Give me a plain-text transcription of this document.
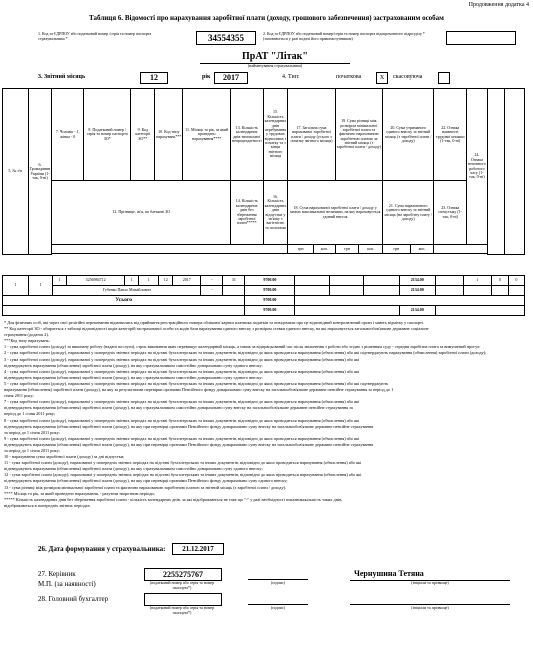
Продовження додатка 4
Таблиця 6. Відомості про нарахування заробітної плати (доходу, грошового забезпечення) застрахованим особам
1. Код за ЄДРПОУ або податковий номер /серія та номер паспорта страхувальника *	34554355	2. Код за ЄДРПОУ або податковий номер/серія та номер паспорта відокремленого підрозділу *(заповнюється у разі подачі його правонаступником)
ПрАТ "Літак"
(найменування страхувальника)
3. Звітний місяць	12	рік	2017	4. Тип:	початкова	X	скасовуюча
5. № з/п	6. Громадянин України (1-так, 0-ні)	7. Чоловік - 1, жінка - 0	8. Податковий номер /серія та номер паспорта ЗО*	9. Код категорії ЗО**	10. Код типу нарахувань***	11. Місяць та рік, за який проведено нарахування****	13. Кількість календарних днів тимчасової непрацездатності	15. Кількість календарних днів перебування у трудових відносинах з початку та з кінця звітного місяця	17. Загальна сума нарахованої заробітної плати / доходу (усього з початку звітного місяця)		19. Сума різниці між розміром мінімальної заробітної плати та фактично нарахованою заробітною платою за звітний місяць (з заробітної плати / доходу)		20. Сума утриманого єдиного внеску за звітний місяць (з заробітної плати / доходу)		22. Ознака наявності трудової книжки (1-так, 0-ні)	24. Ознака неповного робочого часу (1-так, 0-ні)		
		12. Прізвище, ім'я, по батькові ЗО					14. Кількість календарних днів без збереження заробітної плати*****	16. Кількість календарних днів відпустки у зв'язку з вагітністю та пологами	18. Сума нарахованої заробітної плати / доходу у межах максимальної величини, на яку нараховується єдиний внесок				21. Сума нарахованого єдиного внеску за звітний місяць (на заробітну плату / доходу)		23. Ознака спецстажу (1-так, 0-ні)			
									грн	коп.	грн	коп.	грн	коп.				

1	1	1	3256984712	1	1	12	2017	-	31	9700.00				2134.00		1	0	0
		Губенко Павло Михайлович						-		9700.00				2134.00				
Усього										9700.00								
										9700.00				2134.00				
* Для фізичних осіб, які через свої релігійні переконання відмовились від прийняття реєстраційного номера облікової картки платника податків та повідомили про це відповідний контролюючий орган і мають відмітку у паспорті.
** Код категорії ЗО - обирається з таблиці відповідності кодів категорій застрахованої особи та кодів бази нарахування єдиного внеску з розміром ставки єдиного внеску, на які нараховується загальнообов'язкове державне соціальне
страхування (додаток 2).
***Код типу нарахувань:
1 - сума заробітної плати (доходу) за виконану роботу (надані послуги), строк виконання яких перевищує календарний місяць, а також за відпрацьований час після звільнення з роботи або згідно з рішенням суду - середня заробітна плата за вимушений прогул;
2 - сума заробітної плати (доходу), нарахованої у попередніх звітних періодах на підставі бухгалтерських та інших документів, відповідно до яких проводиться нарахування (обчислення) або які підтверджують нарахування (обчислення) заробітної плати (доходу);
3 - сума заробітної плати (доходу), нарахованої у попередніх звітних періодах на підставі бухгалтерських та інших документів, відповідно до яких проводиться нарахування (обчислення) або які
підтверджують нарахування (обчислення) заробітної плати (доходу), на яку страхувальником самостійно донараховано суму єдиного внеску;
4 - сума заробітної плати (доходу), нарахованої у попередніх звітних періодах на підставі бухгалтерських та інших документів, відповідно до яких проводиться нарахування (обчислення) або які
підтверджують нарахування (обчислення) заробітної плати (доходу), на яку страхувальником самостійно донараховано суму єдиного внеску;
5 - сума заробітної плати (доходу), нарахованої у попередніх звітних періодах на підставі бухгалтерських та інших документів, відповідно до яких проводиться нарахування (обчислення) або які підтверджують
нарахування (обчислення) заробітної плати (доходу), на яку за результатами перевірки органами Пенсійного фонду донараховано суму внеску на загальнообов'язкове державне пенсійне страхування за період до 1
січня 2011 року;
7 - сума заробітної плати (доходу), нарахованої у попередніх звітних періодах на підставі бухгалтерських та інших документів, відповідно до яких проводиться нарахування (обчислення) або які
підтверджують нарахування (обчислення) заробітної плати (доходу), на яку страхувальником самостійно донараховано суму внеску на загальнообов'язкове державне пенсійне страхування за
період до 1 січня 2011 року;
8 - сума заробітної плати (доходу), нарахованої у попередніх звітних періодах на підставі бухгалтерських та інших документів, відповідно до яких проводиться нарахування (обчислення) або які
підтверджують нарахування (обчислення) заробітної плати (доходу), на яку при перевірці органами Пенсійного фонду донараховано суму внеску на загальнообов'язкове державне пенсійне страхування
за період до 1 січня 2011 року;
9 - сума заробітної плати (доходу), нарахованої у попередніх звітних періодах на підставі бухгалтерських та інших документів, відповідно до яких проводиться нарахування (обчислення) або які
підтверджують нарахування (обчислення) заробітної плати (доходу), на яку при перевірці органами Пенсійного фонду донараховано суму внеску на загальнообов'язкове державне пенсійне страхування
за період до 1 січня 2011 року;
10 - нарахування суми заробітної плати (доходу) за дні відпустки;
11 - сума заробітної плати (доходу), нарахованої у попередніх звітних періодах на підставі бухгалтерських та інших документів, відповідно до яких проводиться нарахування (обчислення) або які
підтверджують нарахування (обчислення) заробітної плати (доходу), на яку страхувальником самостійно донараховано суму єдиного внеску;
12 - сума заробітної плати (доходу), нарахованої у попередніх звітних періодах на підставі бухгалтерських та інших документів, відповідно до яких проводиться нарахування (обчислення) або які
підтверджують нарахування (обчислення) заробітної плати (доходу), на яку при перевірці органами Пенсійного фонду донараховано суму єдиного внеску;
13 - сума різниці між розміром мінімальної заробітної плати та фактично нарахованою заробітною платою за звітний місяць (з заробітної плати / доходу).
**** Місяць та рік, за який проведено нарахування, - рахуючи зворотним періоди;
***** Кількість календарних днів без збереження заробітної плати - кількість календарних днів, за які відображаються не таке що "-" у разі необхідності показникакількість таких днів,
відображаються в попередніх звітних періодах.
26. Дата формування у страхувальника:	21.12.2017
27. Керівник	2255275767
(податковий номер або серія та номер паспорта*)
(підпис)
Чернушина Тетяна
(ініціали та прізвище)
М.П. (за наявності)
28. Головний бухгалтер
(податковий номер або серія та номер паспорта*)
(підпис)	(ініціали та прізвище)
